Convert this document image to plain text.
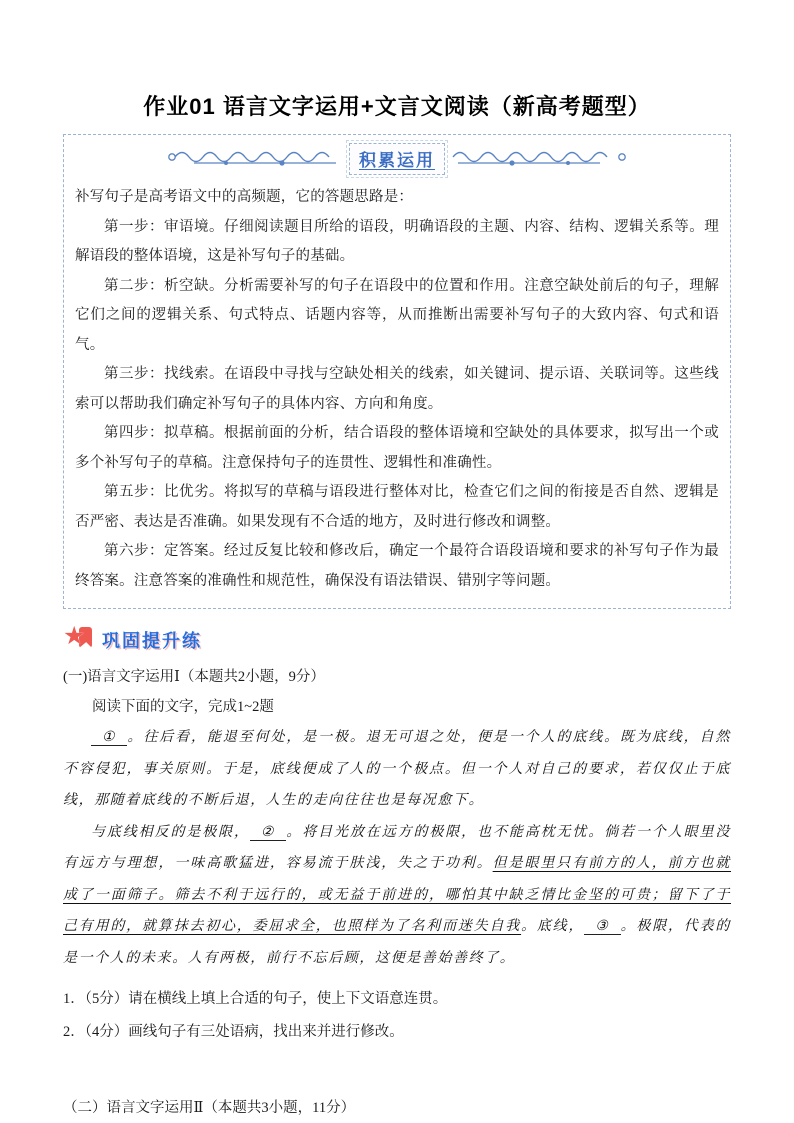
作业01 语言文字运用+文言文阅读（新高考题型）
积累运用

补写句子是高考语文中的高频题，它的答题思路是：

第一步：审语境。仔细阅读题目所给的语段，明确语段的主题、内容、结构、逻辑关系等。理解语段的整体语境，这是补写句子的基础。

第二步：析空缺。分析需要补写的句子在语段中的位置和作用。注意空缺处前后的句子，理解它们之间的逻辑关系、句式特点、话题内容等，从而推断出需要补写句子的大致内容、句式和语气。

第三步：找线索。在语段中寻找与空缺处相关的线索，如关键词、提示语、关联词等。这些线索可以帮助我们确定补写句子的具体内容、方向和角度。

第四步：拟草稿。根据前面的分析，结合语段的整体语境和空缺处的具体要求，拟写出一个或多个补写句子的草稿。注意保持句子的连贯性、逻辑性和准确性。

第五步：比优劣。将拟写的草稿与语段进行整体对比，检查它们之间的衔接是否自然、逻辑是否严密、表达是否准确。如果发现有不合适的地方，及时进行修改和调整。

第六步：定答案。经过反复比较和修改后，确定一个最符合语段语境和要求的补写句子作为最终答案。注意答案的准确性和规范性，确保没有语法错误、错别字等问题。

★ 巩固提升练

(一)语言文字运用Ⅰ（本题共2小题，9分）

阅读下面的文字，完成1~2题

① 。往后看，能退至何处，是一极。退无可退之处，便是一个人的底线。既为底线，自然不容侵犯，事关原则。于是，底线便成了人的一个极点。但一个人对自己的要求，若仅仅止于底线，那随着底线的不断后退，人生的走向往往也是每况愈下。

与底线相反的是极限， ② 。将目光放在远方的极限，也不能高枕无忧。倘若一个人眼里没有远方与理想，一味高歌猛进，容易流于肤浅，失之于功利。但是眼里只有前方的人，前方也就成了一面筛子。筛去不利于远行的，或无益于前进的，哪怕其中缺乏情比金坚的可贵；留下了于己有用的，就算抹去初心，委屈求全，也照样为了名利而迷失自我。底线， ③ 。极限，代表的是一个人的未来。人有两极，前行不忘后顾，这便是善始善终了。

1．（5分）请在横线上填上合适的句子，使上下文语意连贯。

2．（4分）画线句子有三处语病，找出来并进行修改。

（二）语言文字运用Ⅱ（本题共3小题，11分）
